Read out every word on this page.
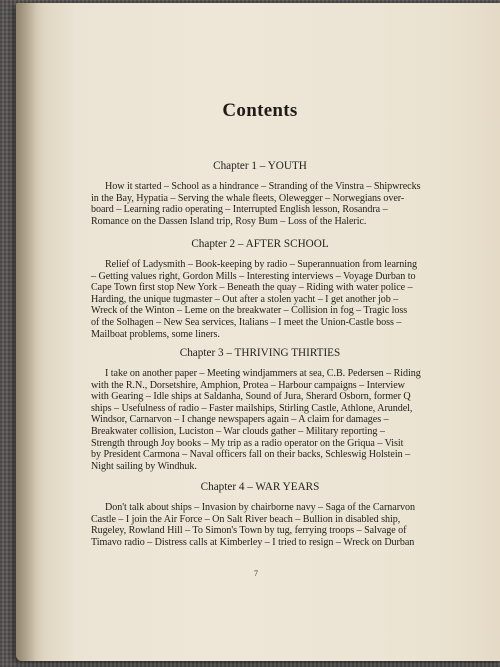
Contents
Chapter 1 – YOUTH
How it started – School as a hindrance – Stranding of the Vinstra – Shipwrecks
in the Bay, Hypatia – Serving the whale fleets, Olewegger – Norwegians over-
board – Learning radio operating – Interrupted English lesson, Rosandra –
Romance on the Dassen Island trip, Rosy Bum – Loss of the Haleric.
Chapter 2 – AFTER SCHOOL
Relief of Ladysmith – Book-keeping by radio – Superannuation from learning
– Getting values right, Gordon Mills – Interesting interviews – Voyage Durban to
Cape Town first stop New York – Beneath the quay – Riding with water police –
Harding, the unique tugmaster – Out after a stolen yacht – I get another job –
Wreck of the Winton – Leme on the breakwater – Collision in fog – Tragic loss
of the Solhagen – New Sea services, Italians – I meet the Union-Castle boss –
Mailboat problems, some liners.
Chapter 3 – THRIVING THIRTIES
I take on another paper – Meeting windjammers at sea, C.B. Pedersen – Riding
with the R.N., Dorsetshire, Amphion, Protea – Harbour campaigns – Interview
with Gearing – Idle ships at Saldanha, Sound of Jura, Sherard Osborn, former Q
ships – Usefulness of radio – Faster mailships, Stirling Castle, Athlone, Arundel,
Windsor, Carnarvon – I change newspapers again – A claim for damages –
Breakwater collision, Luciston – War clouds gather – Military reporting –
Strength through Joy books – My trip as a radio operator on the Griqua – Visit
by President Carmona – Naval officers fall on their backs, Schleswig Holstein –
Night sailing by Windhuk.
Chapter 4 – WAR YEARS
Don't talk about ships – Invasion by chairborne navy – Saga of the Carnarvon
Castle – I join the Air Force – On Salt River beach – Bullion in disabled ship,
Rugeley, Rowland Hill – To Simon's Town by tug, ferrying troops – Salvage of
Timavo radio – Distress calls at Kimberley – I tried to resign – Wreck on Durban
7
